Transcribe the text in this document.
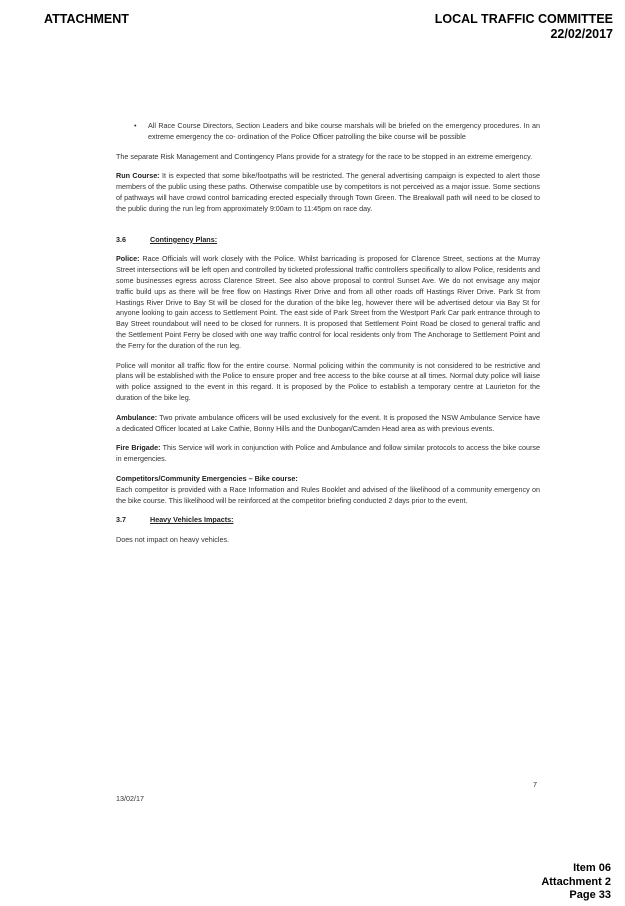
ATTACHMENT	LOCAL TRAFFIC COMMITTEE
22/02/2017
•	All Race Course Directors, Section Leaders and bike course marshals will be briefed on the emergency procedures. In an extreme emergency the co- ordination of the Police Officer patrolling the bike course will be possible

The separate Risk Management and Contingency Plans provide for a strategy for the race to be stopped in an extreme emergency.

Run Course: It is expected that some bike/footpaths will be restricted. The general advertising campaign is expected to alert those members of the public using these paths. Otherwise compatible use by competitors is not perceived as a major issue. Some sections of pathways will have crowd control barricading erected especially through Town Green. The Breakwall path will need to be closed to the public during the run leg from approximately 9:00am to 11:45pm on race day.

3.6	Contingency Plans:

Police: Race Officials will work closely with the Police. Whilst barricading is proposed for Clarence Street, sections at the Murray Street intersections will be left open and controlled by ticketed professional traffic controllers specifically to allow Police, residents and some businesses egress across Clarence Street. See also above proposal to control Sunset Ave. We do not envisage any major traffic build ups as there will be free flow on Hastings River Drive and from all other roads off Hastings River Drive. Park St from Hastings River Drive to Bay St will be closed for the duration of the bike leg, however there will be advertised detour via Bay St for anyone looking to gain access to Settlement Point. The east side of Park Street from the Westport Park Car park entrance through to Bay Street roundabout will need to be closed for runners. It is proposed that Settlement Point Road be closed to general traffic and the Settlement Point Ferry be closed with one way traffic control for local residents only from The Anchorage to Settlement Point and the Ferry for the duration of the run leg.

Police will monitor all traffic flow for the entire course. Normal policing within the community is not considered to be restrictive and plans will be established with the Police to ensure proper and free access to the bike course at all times. Normal duty police will liaise with police assigned to the event in this regard. It is proposed by the Police to establish a temporary centre at Laurieton for the duration of the bike leg.

Ambulance: Two private ambulance officers will be used exclusively for the event. It is proposed the NSW Ambulance Service have a dedicated Officer located at Lake Cathie, Bonny Hills and the Dunbogan/Camden Head area as with previous events.

Fire Brigade: This Service will work in conjunction with Police and Ambulance and follow similar protocols to access the bike course in emergencies.

Competitors/Community Emergencies – Bike course:

Each competitor is provided with a Race Information and Rules Booklet and advised of the likelihood of a community emergency on the bike course. This likelihood will be reinforced at the competitor briefing conducted 2 days prior to the event.

3.7	Heavy Vehicles Impacts:

Does not impact on heavy vehicles.

7
13/02/17
Item 06
Attachment 2
Page 33
